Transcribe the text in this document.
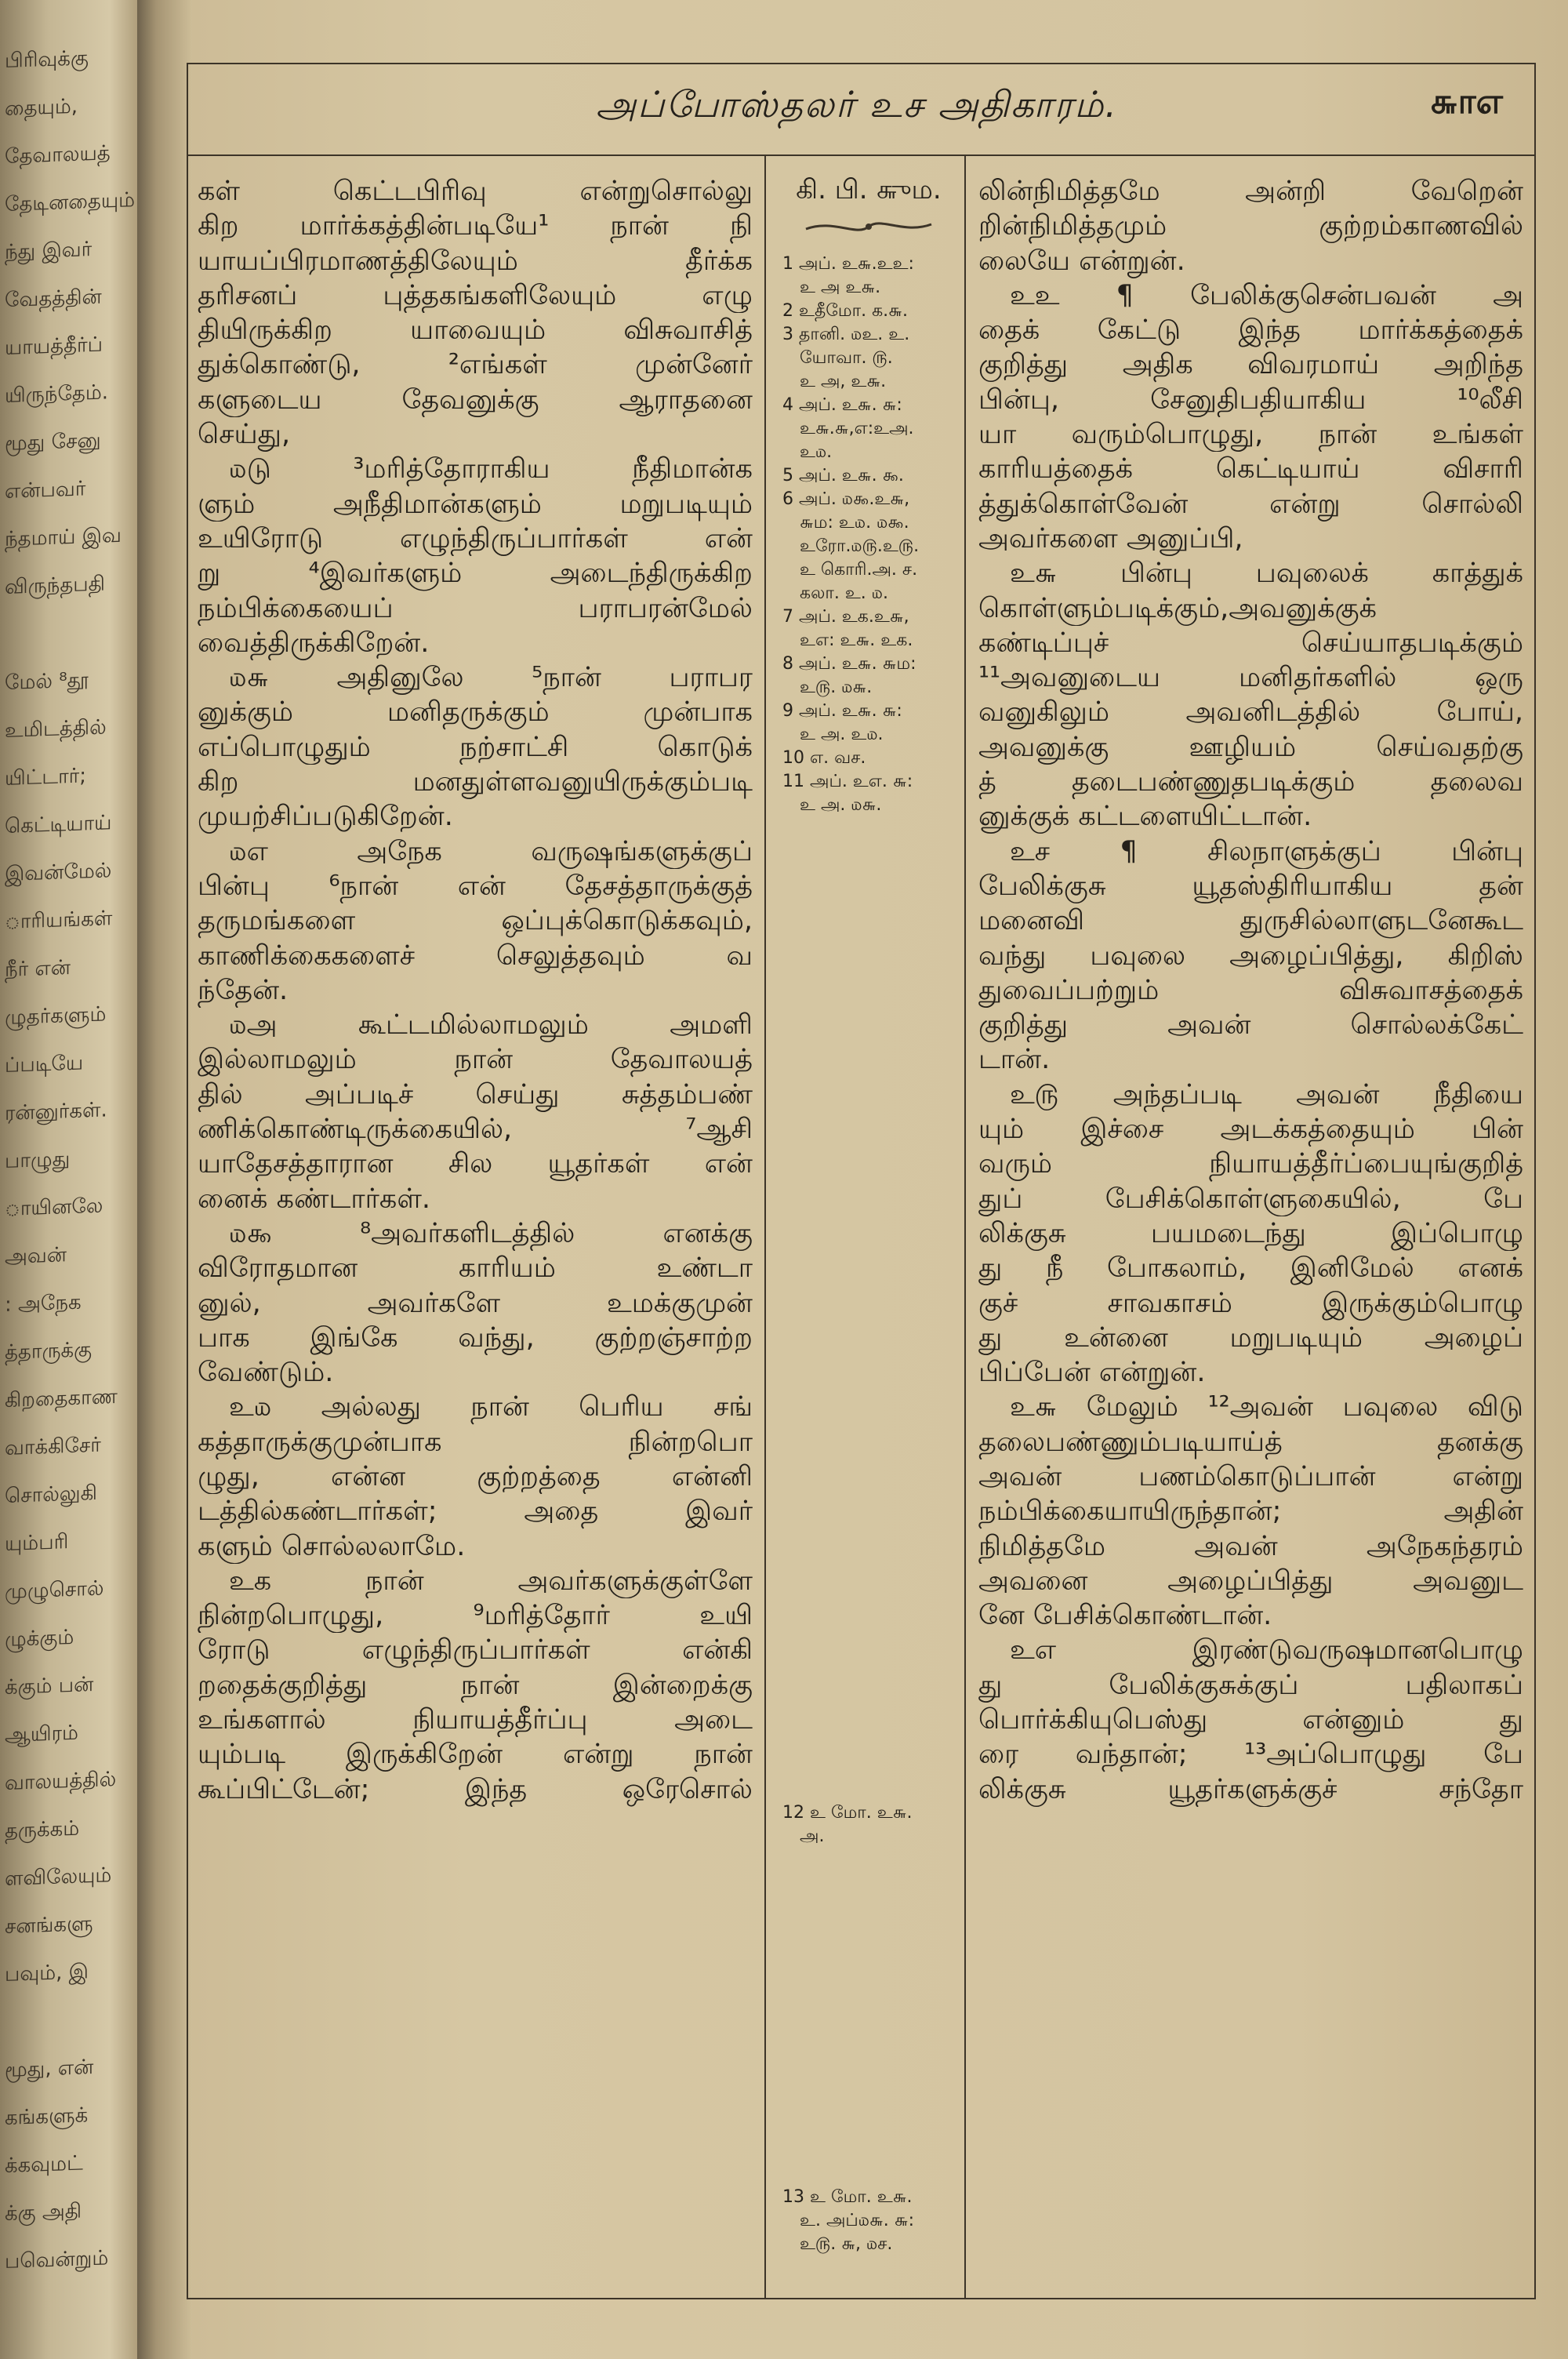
பிரிவுக்கு
தையும்,
தேவாலயத்
தேடினதையும்
ந்து இவர்
வேதத்தின்
யாயத்தீர்ப்
யிருந்தேம்.
மூது சேனு
என்பவர்
ந்தமாய் இவ
விருந்தபதி
மேல் ⁸தூ
உமிடத்தில்
யிட்டார்;
கெட்டியாய்
இவன்மேல்
ாரியங்கள்
நீர் என்
ழுதர்களும்
ப்படியே
ரன்னுர்கள்.
பாழுது
ாயினலே
அவன்
: அநேக
த்தாருக்கு
கிறதைகாண
வாக்கிசேர்
சொல்லுகி
யும்பரி
முழுசொல்
ழுக்கும்
க்கும் பன்
ஆயிரம்
வாலயத்தில்
தருக்கம்
ளவிலேயும்
சனங்களு
பவும், இ
மூது, என்
கங்களுக்
க்கவுமட்
க்கு அதி
பவென்றும்
அப்போஸ்தலர் உச அதிகாரம்.	௬ாஎ

கள் கெட்டபிரிவு என்றுசொல்லு

கிற மார்க்கத்தின்படியே¹ நான் நி

யாயப்பிரமாணத்திலேயும் தீர்க்க

தரிசனப் புத்தகங்களிலேயும் எழு

தியிருக்கிற யாவையும் விசுவாசித்

துக்கொண்டு, ²எங்கள் முன்னேர்

களுடைய தேவனுக்கு ஆராதனை

செய்து,

௰டு ³மரித்தோராகிய நீதிமான்க

ளும் அநீதிமான்களும் மறுபடியும்

உயிரோடு எழுந்திருப்பார்கள் என்

று ⁴இவர்களும் அடைந்திருக்கிற

நம்பிக்கையைப் பராபரன்மேல்

வைத்திருக்கிறேன்.

௰௬ அதினுலே ⁵நான் பராபர

னுக்கும் மனிதருக்கும் முன்பாக

எப்பொழுதும் நற்சாட்சி கொடுக்

கிற மனதுள்ளவனுயிருக்கும்படி

முயற்சிப்படுகிறேன்.

௰எ அநேக வருஷங்களுக்குப்

பின்பு ⁶நான் என் தேசத்தாருக்குத்

தருமங்களை ஒப்புக்கொடுக்கவும்,

காணிக்கைகளைச் செலுத்தவும் வ

ந்தேன்.

௰அ கூட்டமில்லாமலும் அமளி

இல்லாமலும் நான் தேவாலயத்

தில் அப்படிச் செய்து சுத்தம்பண்

ணிக்கொண்டிருக்கையில், ⁷ஆசி

யாதேசத்தாரான சில யூதர்கள் என்

னைக் கண்டார்கள்.

௰௯ ⁸அவர்களிடத்தில் எனக்கு

விரோதமான காரியம் உண்டா

னுல், அவர்களே உமக்குமுன்

பாக இங்கே வந்து, குற்றஞ்சாற்ற

வேண்டும்.

உ௰ அல்லது நான் பெரிய சங்

கத்தாருக்குமுன்பாக நின்றபொ

ழுது, என்ன குற்றத்தை என்னி

டத்தில்கண்டார்கள்; அதை இவர்

களும் சொல்லலாமே.

உக நான் அவர்களுக்குள்ளே

நின்றபொழுது, ⁹மரித்தோர் உயி

ரோடு எழுந்திருப்பார்கள் என்கி

றதைக்குறித்து நான் இன்றைக்கு

உங்களால் நியாயத்தீர்ப்பு அடை

யும்படி இருக்கிறேன் என்று நான்

கூப்பிட்டேன்; இந்த ஒரேசொல்

கி. பி. ௬ும.
1 அப். உ௬.உஉ:
உ அ உ௬.
2 உதீமோ. க.௬.
3 தானி. ௰உ. உ.
யோவா. ௫.
உ அ, உ௬.
4 அப். உ௬. ௬:
உ௬.௬,எ:உஅ.
உ௰.
5 அப். உ௬. ௯.
6 அப். ௰௯.உ௬,
௬ம: உ௰. ௰௯.
உரோ.௰௫.உ௫.
உ கொரி.அ. ச.
கலா. உ. ௰.
7 அப். உக.உ௬,
உஎ: உ௬. உக.
8 அப். உ௬. ௬ம:
உ௫. ௰௬.
9 அப். உ௬. ௬:
உ அ. உ௰.
10 எ. வச.
11 அப். உஎ. ௬:
உ அ. ௰௬.
12 உ மோ. உ௬.
அ.
13 உ மோ. உ௬.
உ. அப்௰௬. ௬:
உ௫. ௬, ௰ச.

லின்நிமித்தமே அன்றி வேறென்

றின்நிமித்தமும் குற்றம்காணவில்

லையே என்றுன்.

உஉ ¶ பேலிக்குசென்பவன் அ

தைக் கேட்டு இந்த மார்க்கத்தைக்

குறித்து அதிக விவரமாய் அறிந்த

பின்பு, சேனுதிபதியாகிய ¹⁰லீசி

யா வரும்பொழுது, நான் உங்கள்

காரியத்தைக் கெட்டியாய் விசாரி

த்துக்கொள்வேன் என்று சொல்லி

அவர்களை அனுப்பி,

உ௬ பின்பு பவுலைக் காத்துக்

கொள்ளும்படிக்கும்,அவனுக்குக்

கண்டிப்புச் செய்யாதபடிக்கும்

¹¹அவனுடைய மனிதர்களில் ஒரு

வனுகிலும் அவனிடத்தில் போய்,

அவனுக்கு ஊழியம் செய்வதற்கு

த் தடைபண்ணுதபடிக்கும் தலைவ

னுக்குக் கட்டளையிட்டான்.

உச ¶ சிலநாளுக்குப் பின்பு

பேலிக்குசு யூதஸ்திரியாகிய தன்

மனைவி துருசில்லாளுடனேகூட

வந்து பவுலை அழைப்பித்து, கிறிஸ்

துவைப்பற்றும் விசுவாசத்தைக்

குறித்து அவன் சொல்லக்கேட்

டான்.

உ௫ அந்தப்படி அவன் நீதியை

யும் இச்சை அடக்கத்தையும் பின்

வரும் நியாயத்தீர்ப்பையுங்குறித்

துப் பேசிக்கொள்ளுகையில், பே

லிக்குசு பயமடைந்து இப்பொழு

து நீ போகலாம், இனிமேல் எனக்

குச் சாவகாசம் இருக்கும்பொழு

து உன்னை மறுபடியும் அழைப்

பிப்பேன் என்றுன்.

உ௬ மேலும் ¹²அவன் பவுலை விடு

தலைபண்ணும்படியாய்த் தனக்கு

அவன் பணம்கொடுப்பான் என்று

நம்பிக்கையாயிருந்தான்; அதின்

நிமித்தமே அவன் அநேகந்தரம்

அவனை அழைப்பித்து அவனுட

னே பேசிக்கொண்டான்.

உஎ இரண்டுவருஷமானபொழு

து பேலிக்குசுக்குப் பதிலாகப்

பொர்க்கியுபெஸ்து என்னும் து

ரை வந்தான்; ¹³அப்பொழுது பே

லிக்குசு யூதர்களுக்குச் சந்தோ
